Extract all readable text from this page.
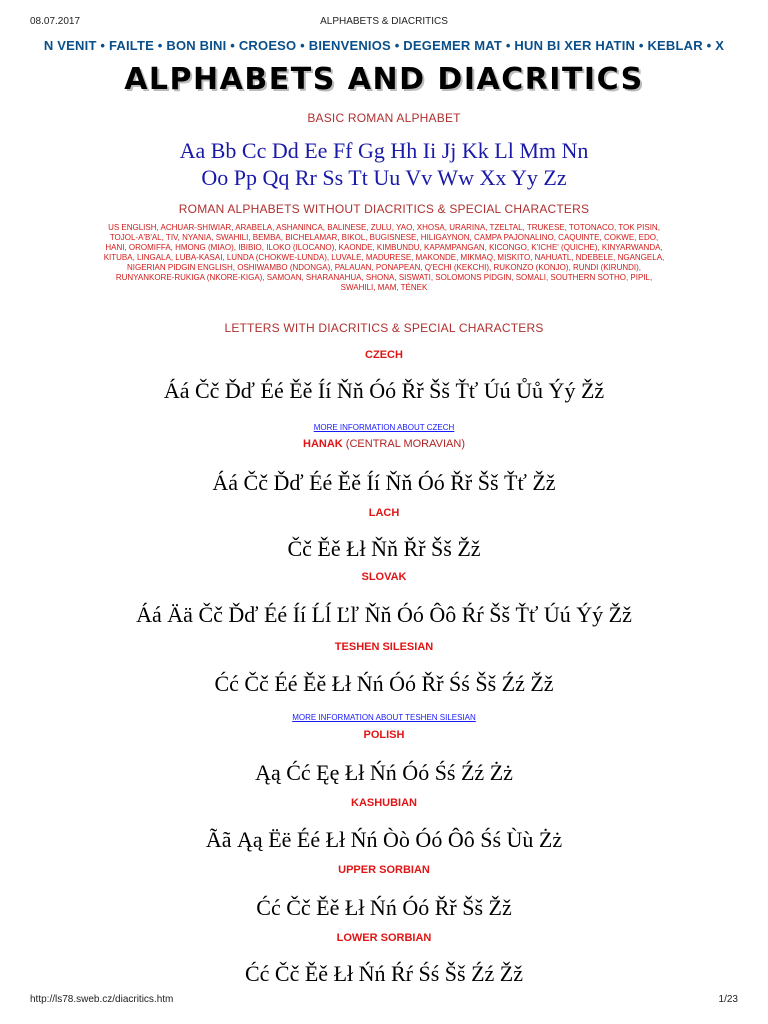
08.07.2017	ALPHABETS & DIACRITICS
N VENIT • FAILTE • BON BINI • CROESO • BIENVENIOS • DEGEMER MAT • HUN BI XER HATIN • KEBLAR • X
ALPHABETS AND DIACRITICS
BASIC ROMAN ALPHABET
Aa Bb Cc Dd Ee Ff Gg Hh Ii Jj Kk Ll Mm Nn
Oo Pp Qq Rr Ss Tt Uu Vv Ww Xx Yy Zz
ROMAN ALPHABETS WITHOUT DIACRITICS & SPECIAL CHARACTERS
US ENGLISH, ACHUAR-SHIWIAR, ARABELA, ASHANINCA, BALINESE, ZULU, YAO, XHOSA, URARINA, TZELTAL, TRUKESE, TOTONACO, TOK PISIN, TOJOL-A'B'AL, TIV, NYANIA, SWAHILI, BEMBA, BICHELAMAR, BIKOL, BUGISNESE, HILIGAYNON, CAMPA PAJONALINO, CAQUINTE, COKWE, EDO, HANI, OROMIFFA, HMONG (MIAO), IBIBIO, ILOKO (ILOCANO), KAONDE, KIMBUNDU, KAPAMPANGAN, KICONGO, K'ICHE' (QUICHE), KINYARWANDA, KITUBA, LINGALA, LUBA-KASAI, LUNDA (CHOKWE-LUNDA), LUVALE, MADURESE, MAKONDE, MIKMAQ, MISKITO, NAHUATL, NDEBELE, NGANGELA, NIGERIAN PIDGIN ENGLISH, OSHIWAMBO (NDONGA), PALAUAN, PONAPEAN, Q'ECHI (KEKCHI), RUKONZO (KONJO), RUNDI (KIRUNDI), RUNYANKORE-RUKIGA (NKORE-KIGA), SAMOAN, SHARANAHUA, SHONA, SISWATI, SOLOMONS PIDGIN, SOMALI, SOUTHERN SOTHO, PIPIL, SWAHILI, MAM, TÉNEK
LETTERS WITH DIACRITICS & SPECIAL CHARACTERS
CZECH
Áá Čč Ďď Éé Ěě Íí Ňň Óó Řř Šš Ťť Úú Ůů Ýý Žž
MORE INFORMATION ABOUT CZECH
HANAK (CENTRAL MORAVIAN)
Áá Čč Ďď Éé Ěě Íí Ňň Óó Řř Šš Ťť Žž
LACH
Čč Ěě Łł Ňň Řř Šš Žž
SLOVAK
Áá Ää Čč Ďď Éé Íí Ĺĺ Ľľ Ňň Óó Ôô Ŕŕ Šš Ťť Úú Ýý Žž
TESHEN SILESIAN
Ćć Čč Éé Ěě Łł Ńń Óó Řř Śś Šš Źź Žž
MORE INFORMATION ABOUT TESHEN SILESIAN
POLISH
Ąą Ćć Ęę Łł Ńń Óó Śś Źź Żż
KASHUBIAN
Ãã Ąą Ëë Éé Łł Ńń Òò Óó Ôô Śś Ùù Żż
UPPER SORBIAN
Ćć Čč Ěě Łł Ńń Óó Řř Šš Žž
LOWER SORBIAN
Ćć Čč Ěě Łł Ńń Ŕŕ Śś Šš Źź Žž
http://ls78.sweb.cz/diacritics.htm	1/23
